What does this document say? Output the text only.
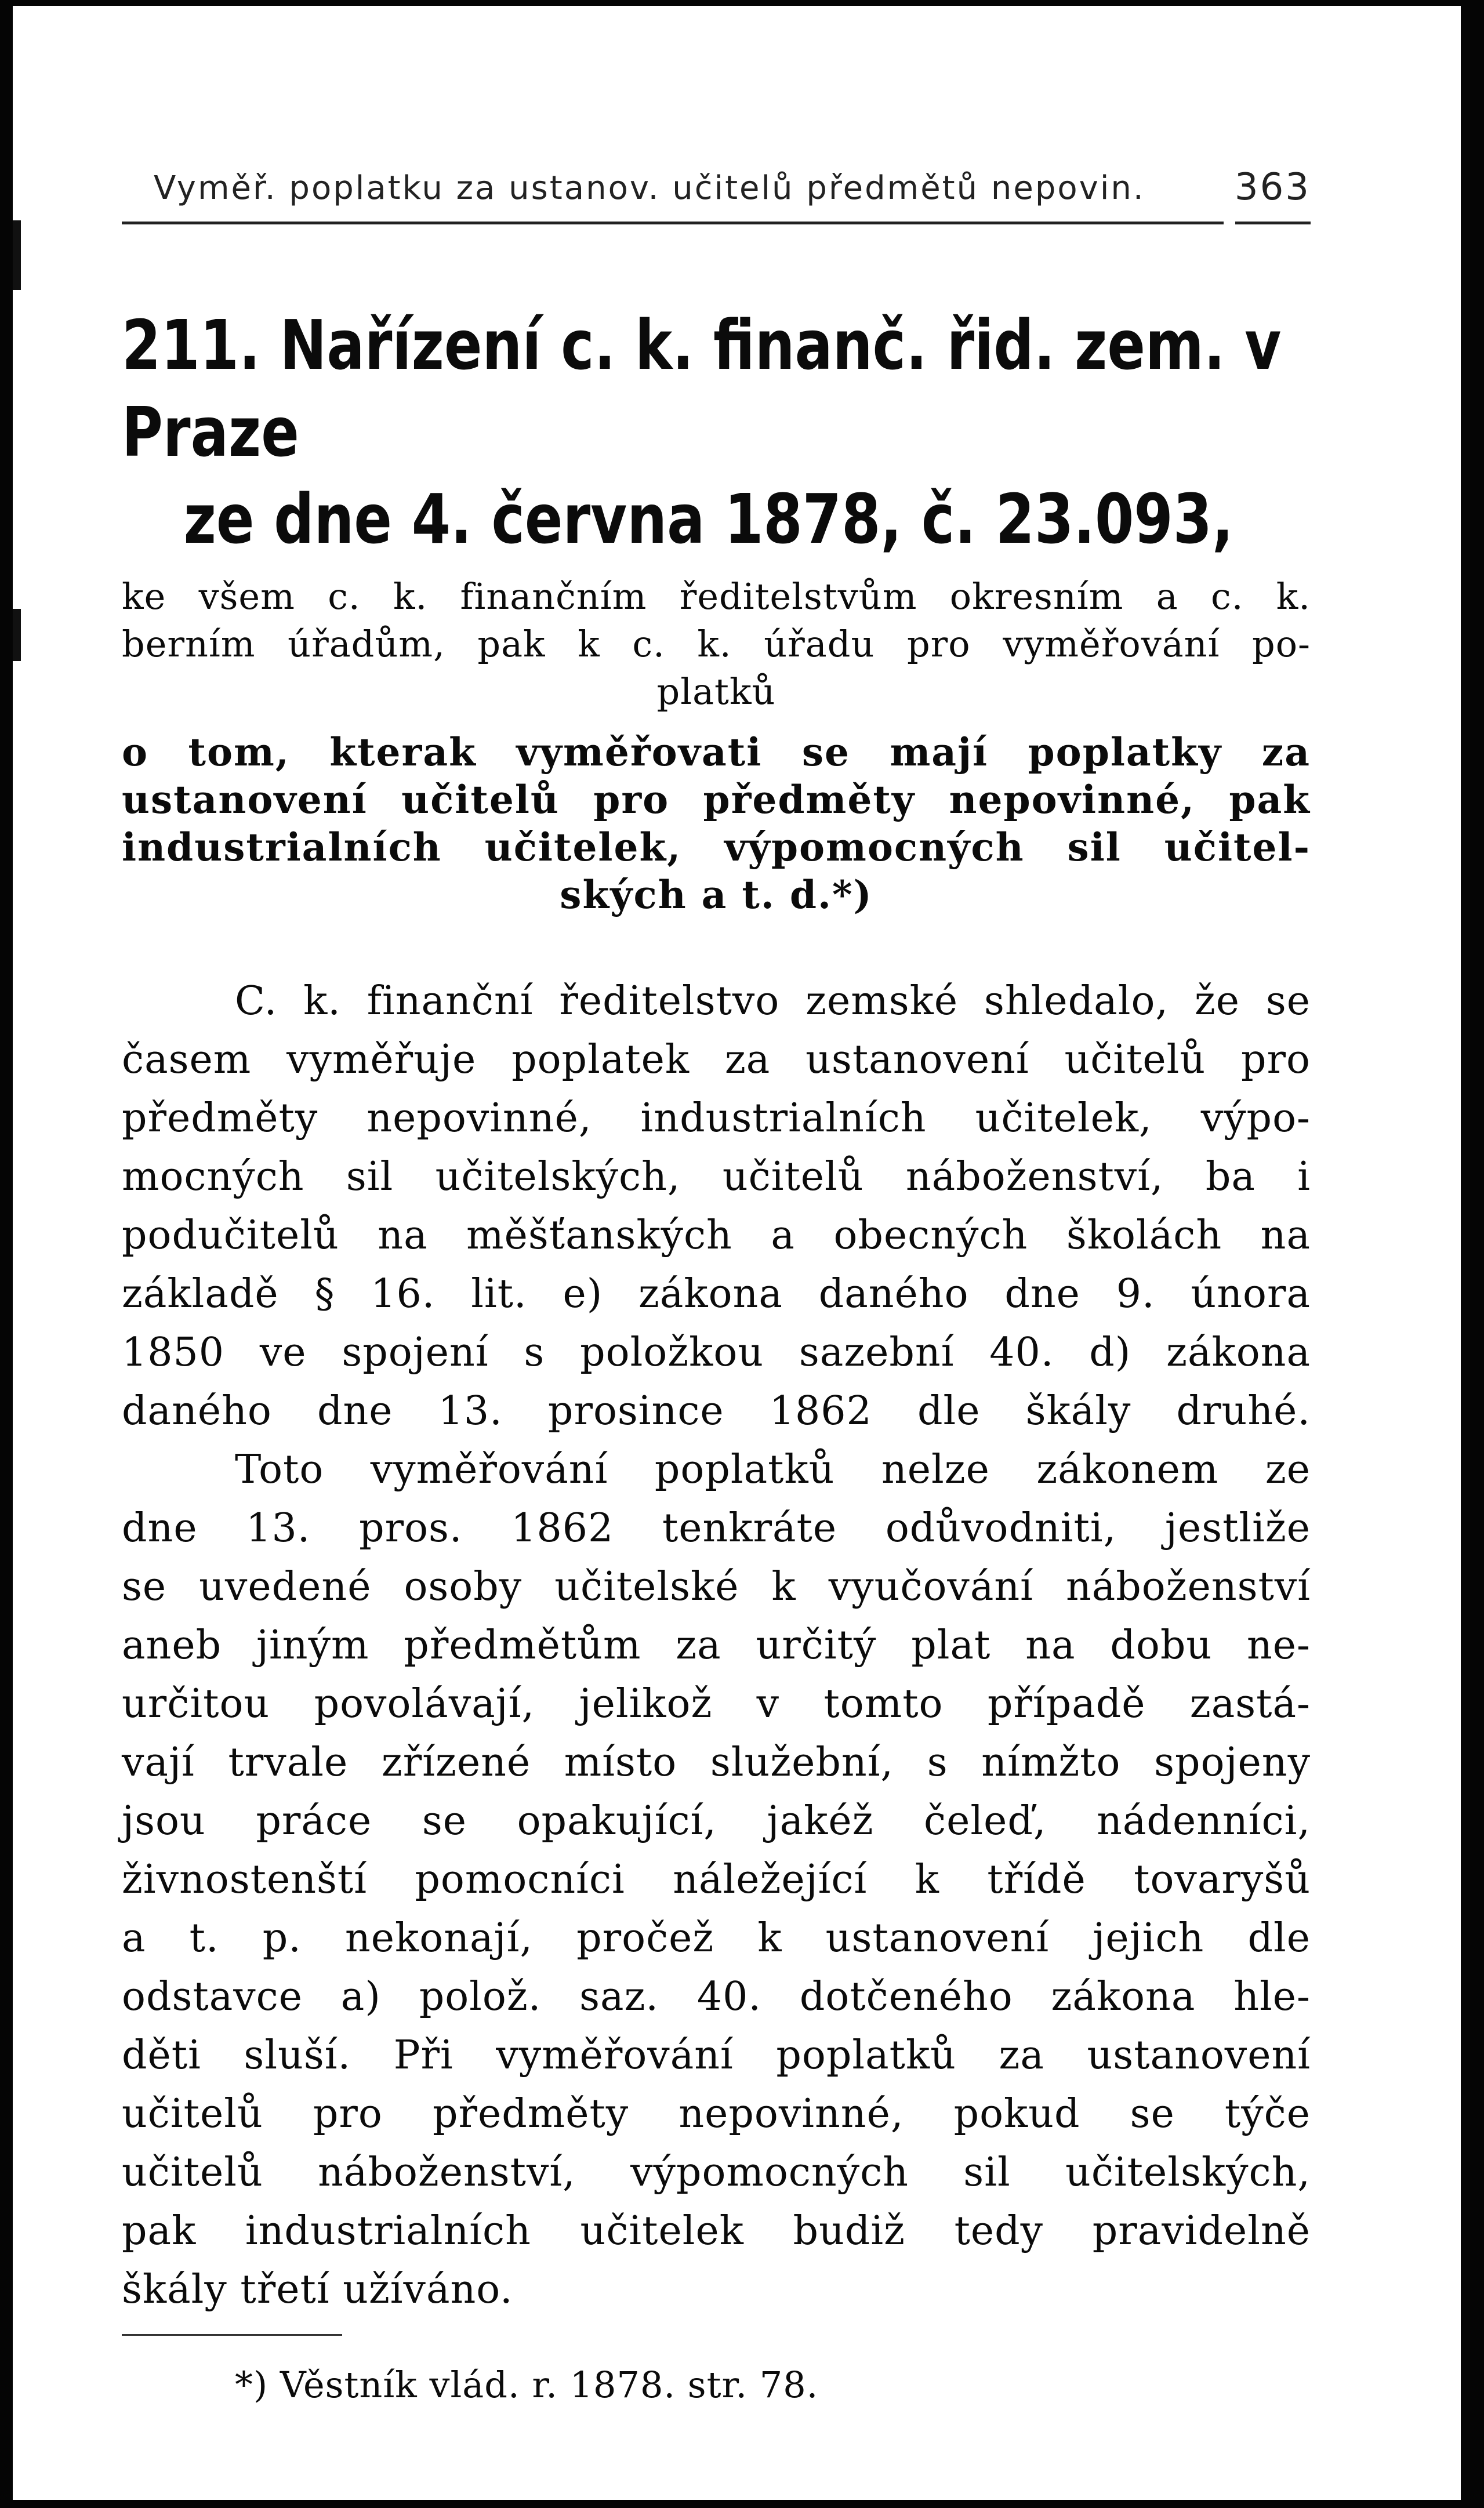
Vyměř. poplatku za ustanov. učitelů předmětů nepovin. 363
211. Nařízení c. k. finanč. řid. zem. v Praze
ze dne 4. června 1878, č. 23.093,
ke všem c. k. finančním ředitelstvům okresním a c. k.
berním úřadům, pak k c. k. úřadu pro vyměřování po-
platků
o tom, kterak vyměřovati se mají poplatky za
ustanovení učitelů pro předměty nepovinné, pak
industrialních učitelek, výpomocných sil učitel-
ských a t. d.*)
C. k. finanční ředitelstvo zemské shledalo, že se
časem vyměřuje poplatek za ustanovení učitelů pro
předměty nepovinné, industrialních učitelek, výpo-
mocných sil učitelských, učitelů náboženství, ba i
podučitelů na měšťanských a obecných školách na
základě § 16. lit. e) zákona daného dne 9. února
1850 ve spojení s položkou sazební 40. d) zákona
daného dne 13. prosince 1862 dle škály druhé.
Toto vyměřování poplatků nelze zákonem ze
dne 13. pros. 1862 tenkráte odůvodniti, jestliže
se uvedené osoby učitelské k vyučování náboženství
aneb jiným předmětům za určitý plat na dobu ne-
určitou povolávají, jelikož v tomto případě zastá-
vají trvale zřízené místo služební, s nímžto spojeny
jsou práce se opakující, jakéž čeleď, nádenníci,
živnostenští pomocníci náležející k třídě tovaryšů
a t. p. nekonají, pročež k ustanovení jejich dle
odstavce a) polož. saz. 40. dotčeného zákona hle-
děti sluší. Při vyměřování poplatků za ustanovení
učitelů pro předměty nepovinné, pokud se týče
učitelů náboženství, výpomocných sil učitelských,
pak industrialních učitelek budiž tedy pravidelně
škály třetí užíváno.
*) Věstník vlád. r. 1878. str. 78.
